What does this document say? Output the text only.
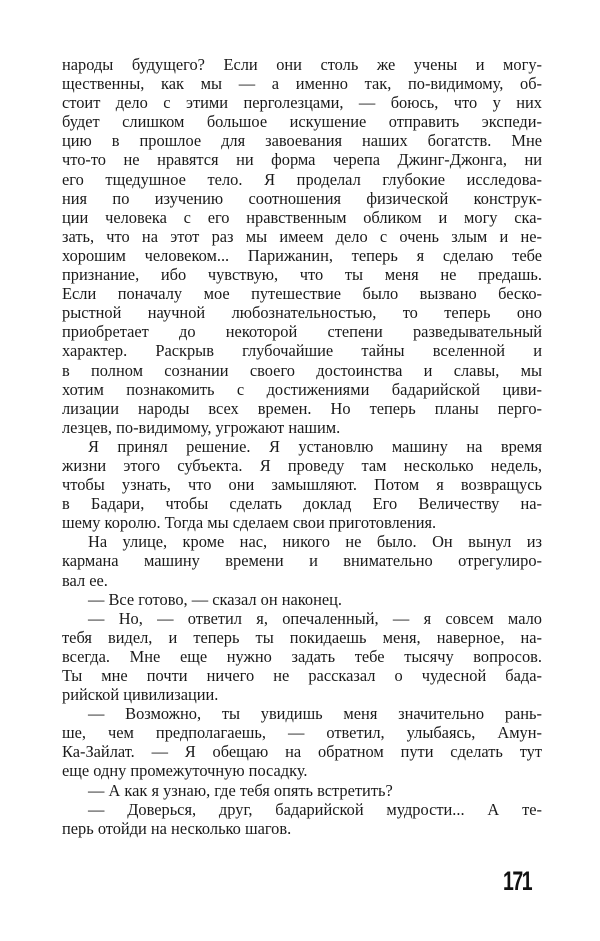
народы будущего? Если они столь же учены и могу-
щественны, как мы — а именно так, по-видимому, об-
стоит дело с этими перголезцами, — боюсь, что у них
будет слишком большое искушение отправить экспеди-
цию в прошлое для завоевания наших богатств. Мне
что-то не нравятся ни форма черепа Джинг-Джонга, ни
его тщедушное тело. Я проделал глубокие исследова-
ния по изучению соотношения физической конструк-
ции человека с его нравственным обликом и могу ска-
зать, что на этот раз мы имеем дело с очень злым и не-
хорошим человеком... Парижанин, теперь я сделаю тебе
признание, ибо чувствую, что ты меня не предашь.
Если поначалу мое путешествие было вызвано беско-
рыстной научной любознательностью, то теперь оно
приобретает до некоторой степени разведывательный
характер. Раскрыв глубочайшие тайны вселенной и
в полном сознании своего достоинства и славы, мы
хотим познакомить с достижениями бадарийской циви-
лизации народы всех времен. Но теперь планы перго-
лезцев, по-видимому, угрожают нашим.
Я принял решение. Я установлю машину на время
жизни этого субъекта. Я проведу там несколько недель,
чтобы узнать, что они замышляют. Потом я возвращусь
в Бадари, чтобы сделать доклад Его Величеству на-
шему королю. Тогда мы сделаем свои приготовления.
На улице, кроме нас, никого не было. Он вынул из
кармана машину времени и внимательно отрегулиро-
вал ее.
— Все готово, — сказал он наконец.
— Но, — ответил я, опечаленный, — я совсем мало
тебя видел, и теперь ты покидаешь меня, наверное, на-
всегда. Мне еще нужно задать тебе тысячу вопросов.
Ты мне почти ничего не рассказал о чудесной бада-
рийской цивилизации.
— Возможно, ты увидишь меня значительно рань-
ше, чем предполагаешь, — ответил, улыбаясь, Амун-
Ка-Зайлат. — Я обещаю на обратном пути сделать тут
еще одну промежуточную посадку.
— А как я узнаю, где тебя опять встретить?
— Доверься, друг, бадарийской мудрости... А те-
перь отойди на несколько шагов.
171
